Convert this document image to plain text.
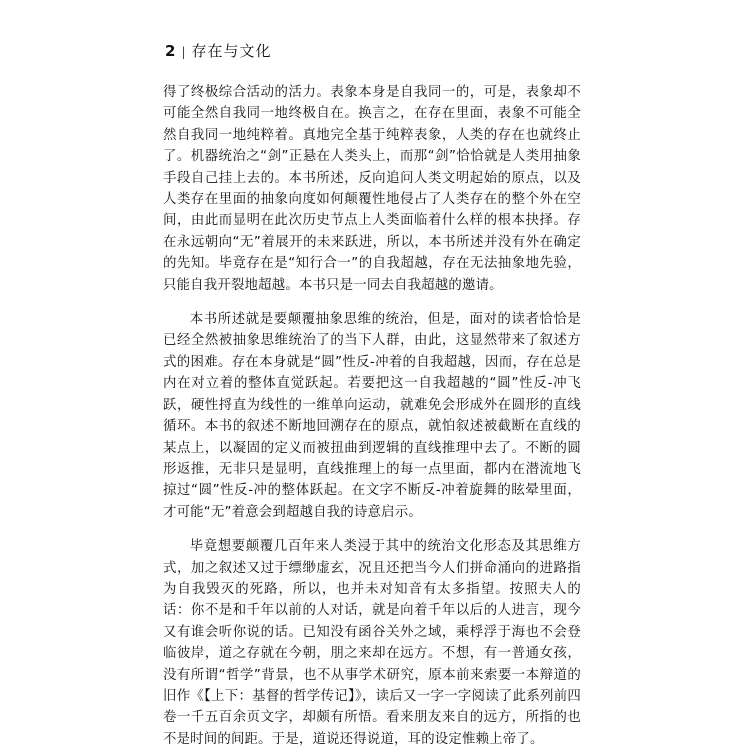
2 | 存在与文化

得了终极综合活动的活力。表象本身是自我同一的，可是，表象却不可能全然自我同一地终极自在。换言之，在存在里面，表象不可能全然自我同一地纯粹着。真地完全基于纯粹表象，人类的存在也就终止了。机器统治之“剑”正悬在人类头上，而那“剑”恰恰就是人类用抽象手段自己挂上去的。本书所述，反向追问人类文明起始的原点，以及人类存在里面的抽象向度如何颠覆性地侵占了人类存在的整个外在空间，由此而显明在此次历史节点上人类面临着什么样的根本抉择。存在永远朝向“无”着展开的未来跃进，所以，本书所述并没有外在确定的先知。毕竟存在是“知行合一”的自我超越，存在无法抽象地先验，只能自我开裂地超越。本书只是一同去自我超越的邀请。

本书所述就是要颠覆抽象思维的统治，但是，面对的读者恰恰是已经全然被抽象思维统治了的当下人群，由此，这显然带来了叙述方式的困难。存在本身就是“圆”性反-冲着的自我超越，因而，存在总是内在对立着的整体直觉跃起。若要把这一自我超越的“圆”性反-冲飞跃，硬性捋直为线性的一维单向运动，就难免会形成外在圆形的直线循环。本书的叙述不断地回溯存在的原点，就怕叙述被截断在直线的某点上，以凝固的定义而被扭曲到逻辑的直线推理中去了。不断的圆形返推，无非只是显明，直线推理上的每一点里面，都内在潜流地飞掠过“圆”性反-冲的整体跃起。在文字不断反-冲着旋舞的眩晕里面，才可能“无”着意会到超越自我的诗意启示。

毕竟想要颠覆几百年来人类浸于其中的统治文化形态及其思维方式，加之叙述又过于缥缈虚玄，况且还把当今人们拼命涌向的进路指为自我毁灭的死路，所以，也并未对知音有太多指望。按照夫人的话：你不是和千年以前的人对话，就是向着千年以后的人进言，现今又有谁会听你说的话。已知没有函谷关外之域，乘桴浮于海也不会登临彼岸，道之存就在今朝，朋之来却在远方。不想，有一普通女孩，没有所谓“哲学”背景，也不从事学术研究，原本前来索要一本辩道的旧作《【上下：基督的哲学传记】》，读后又一字一字阅读了此系列前四卷一千五百余页文字，却颇有所悟。看来朋友来自的远方，所指的也不是时间的间距。于是，道说还得说道，耳的设定惟赖上帝了。
